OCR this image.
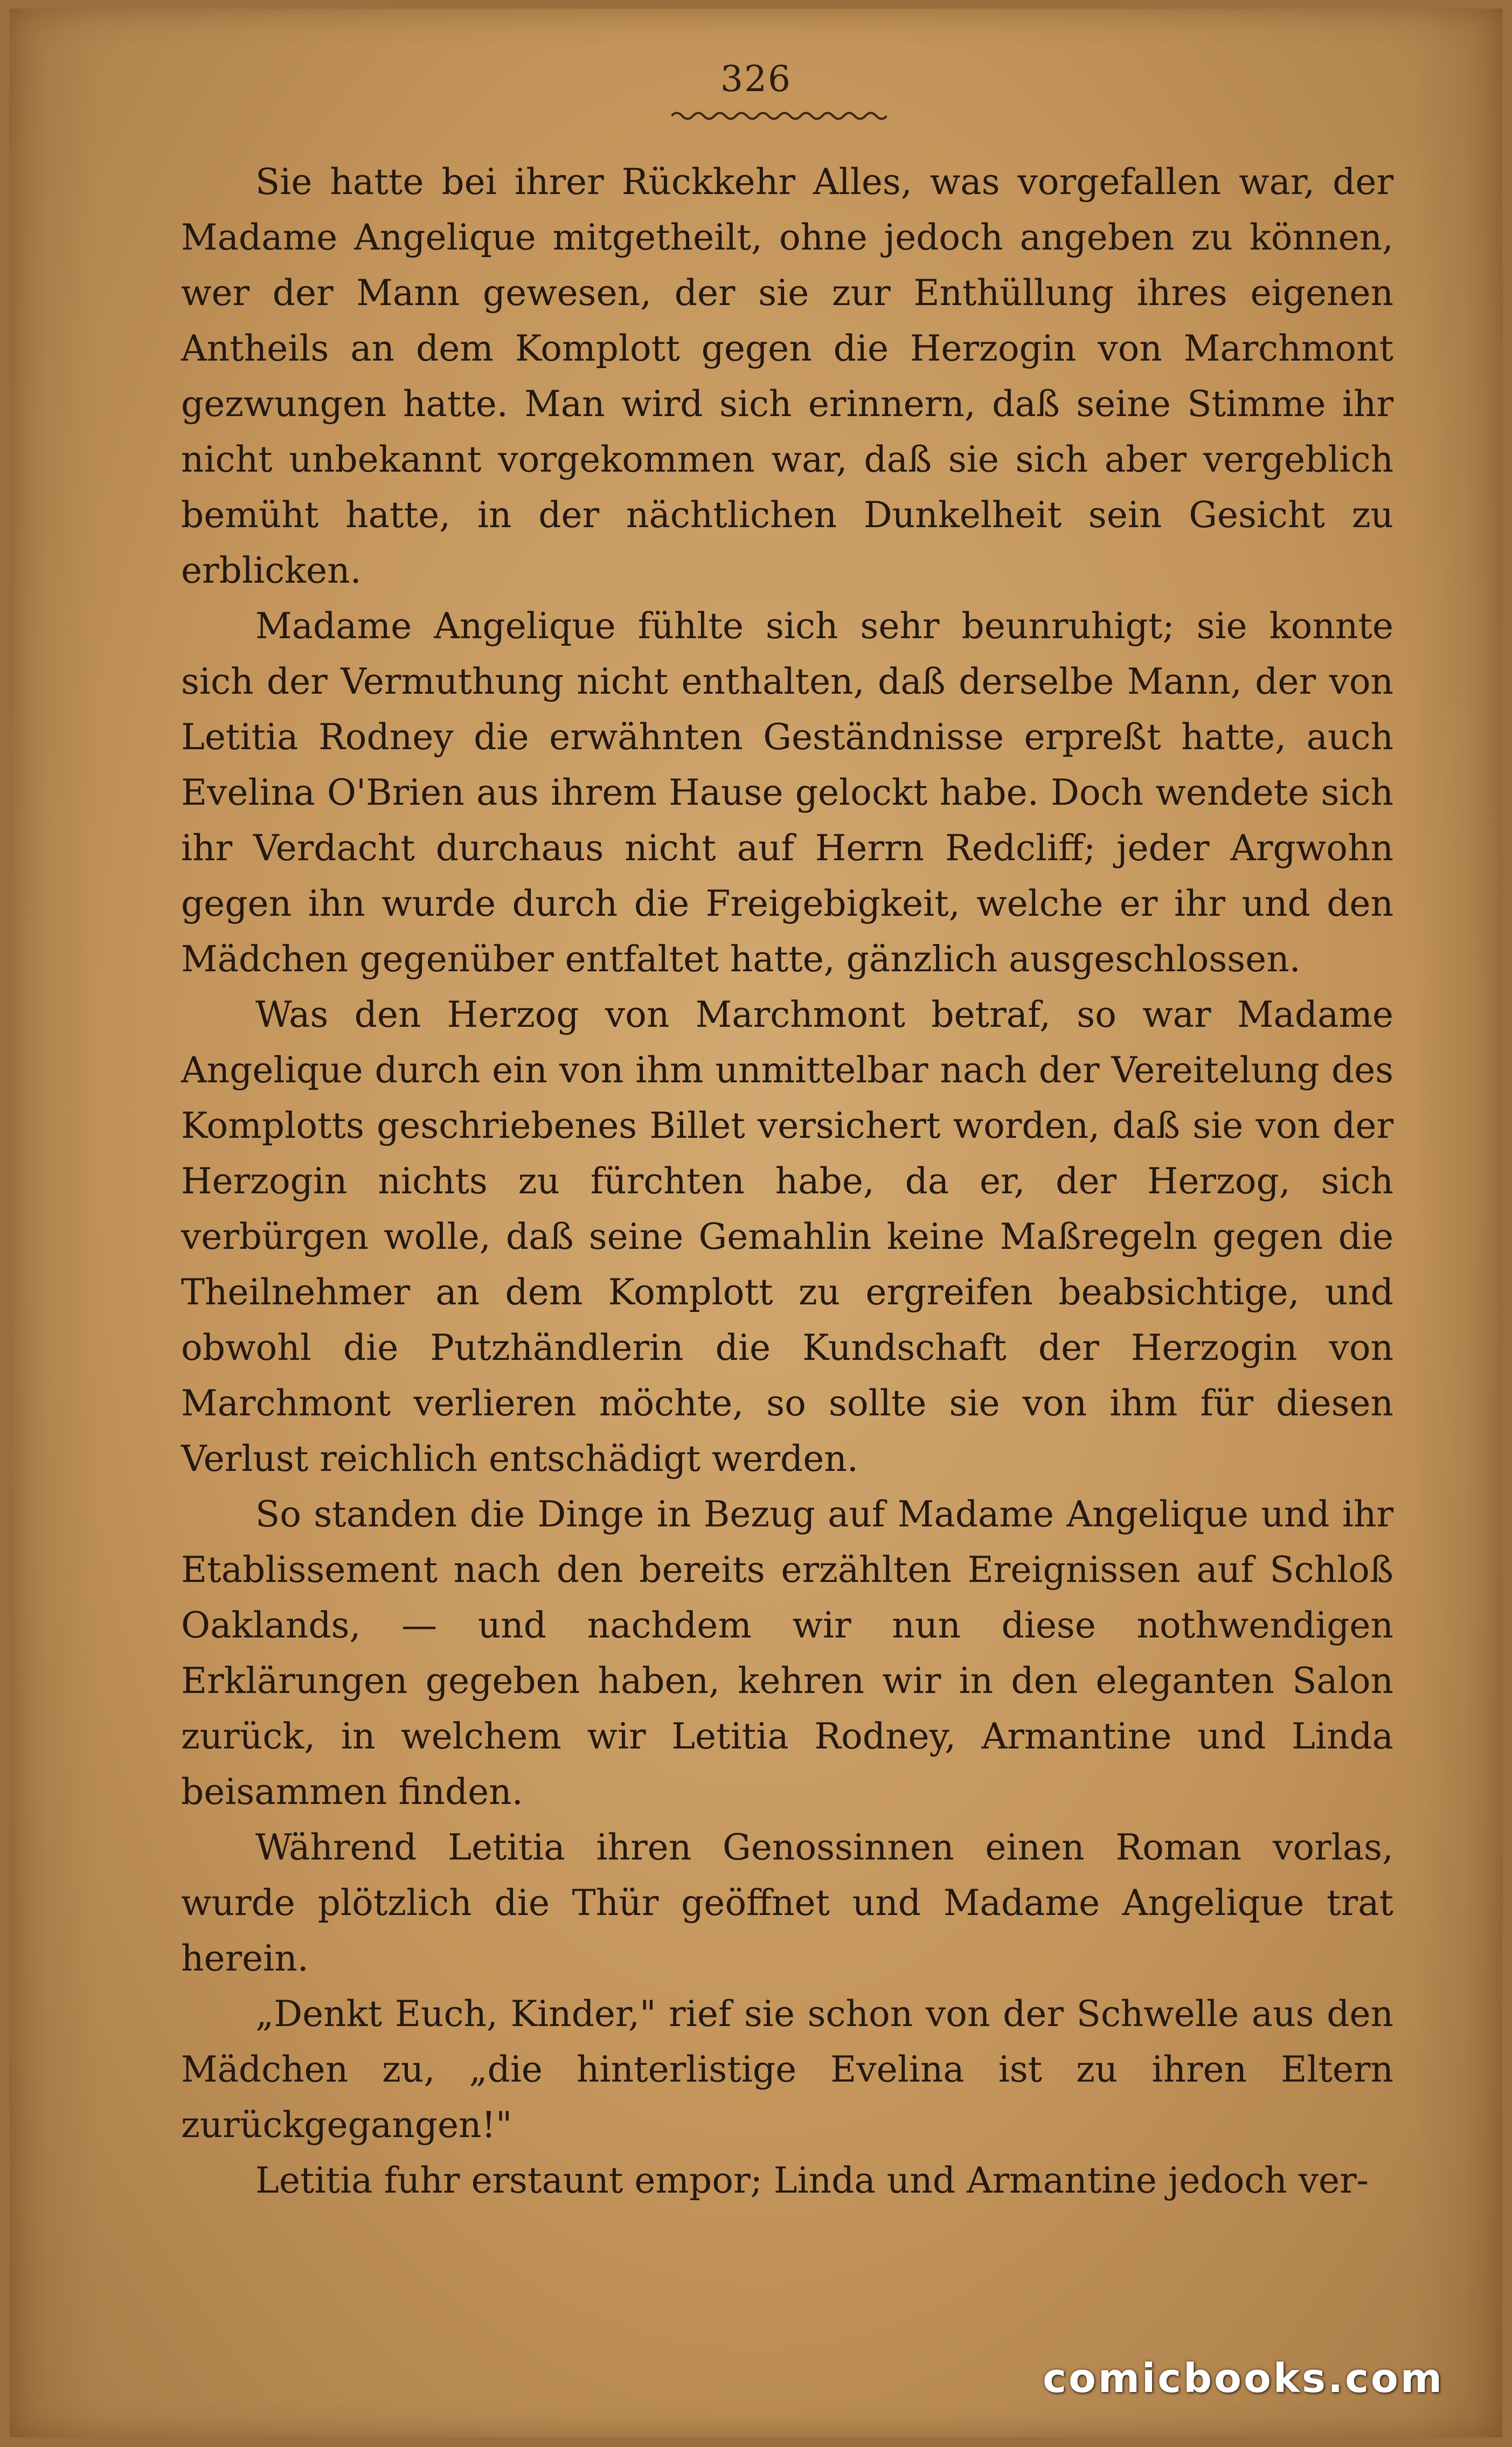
326

Sie hatte bei ihrer Rückkehr Alles, was vorgefallen war, der Madame Angelique mitgetheilt, ohne jedoch angeben zu können, wer der Mann gewesen, der sie zur Enthüllung ihres eigenen Antheils an dem Komplott gegen die Herzogin von Marchmont gezwungen hatte. Man wird sich erinnern, daß seine Stimme ihr nicht unbekannt vorgekommen war, daß sie sich aber vergeblich bemüht hatte, in der nächtlichen Dunkelheit sein Gesicht zu erblicken.

Madame Angelique fühlte sich sehr beunruhigt; sie konnte sich der Vermuthung nicht enthalten, daß derselbe Mann, der von Letitia Rodney die erwähnten Geständnisse erpreßt hatte, auch Evelina O'Brien aus ihrem Hause gelockt habe. Doch wendete sich ihr Verdacht durchaus nicht auf Herrn Redcliff; jeder Argwohn gegen ihn wurde durch die Freigebigkeit, welche er ihr und den Mädchen gegenüber entfaltet hatte, gänzlich ausgeschlossen.

Was den Herzog von Marchmont betraf, so war Madame Angelique durch ein von ihm unmittelbar nach der Vereitelung des Komplotts geschriebenes Billet versichert worden, daß sie von der Herzogin nichts zu fürchten habe, da er, der Herzog, sich verbürgen wolle, daß seine Gemahlin keine Maßregeln gegen die Theilnehmer an dem Komplott zu ergreifen beabsichtige, und obwohl die Putzhändlerin die Kundschaft der Herzogin von Marchmont verlieren möchte, so sollte sie von ihm für diesen Verlust reichlich entschädigt werden.

So standen die Dinge in Bezug auf Madame Angelique und ihr Etablissement nach den bereits erzählten Ereignissen auf Schloß Oaklands, — und nachdem wir nun diese nothwendigen Erklärungen gegeben haben, kehren wir in den eleganten Salon zurück, in welchem wir Letitia Rodney, Armantine und Linda beisammen finden.

Während Letitia ihren Genossinnen einen Roman vorlas, wurde plötzlich die Thür geöffnet und Madame Angelique trat herein.

„Denkt Euch, Kinder," rief sie schon von der Schwelle aus den Mädchen zu, „die hinterlistige Evelina ist zu ihren Eltern zurückgegangen!"

Letitia fuhr erstaunt empor; Linda und Armantine jedoch ver-

comicbooks.com
